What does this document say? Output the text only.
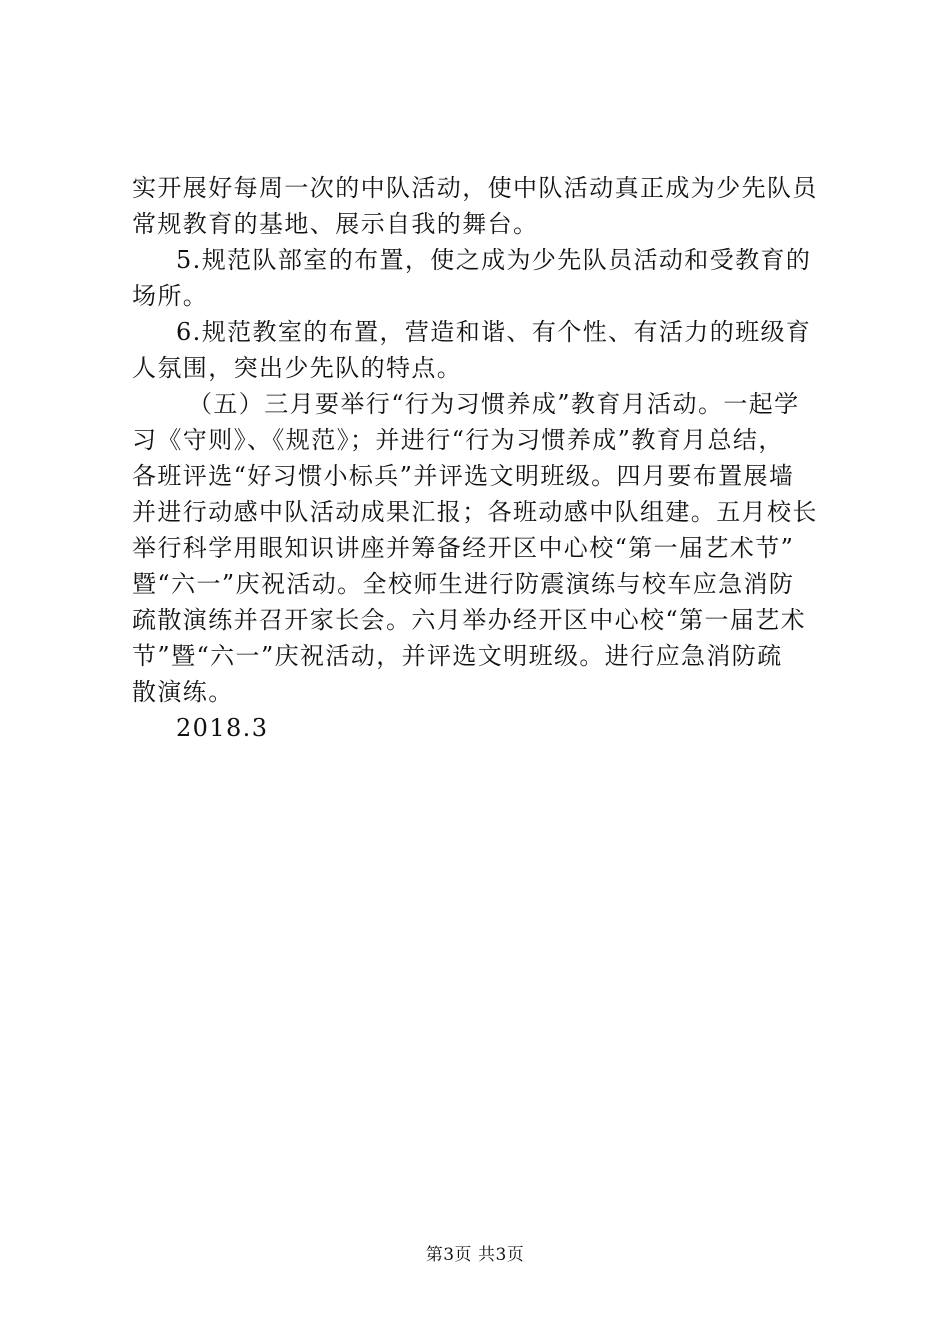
实开展好每周一次的中队活动，使中队活动真正成为少先队员
常规教育的基地、展示自我的舞台。
5.规范队部室的布置，使之成为少先队员活动和受教育的
场所。
6.规范教室的布置，营造和谐、有个性、有活力的班级育
人氛围，突出少先队的特点。
（五）三月要举行“行为习惯养成”教育月活动。一起学
习《守则》、《规范》；并进行“行为习惯养成”教育月总结，
各班评选“好习惯小标兵”并评选文明班级。四月要布置展墙
并进行动感中队活动成果汇报；各班动感中队组建。五月校长
举行科学用眼知识讲座并筹备经开区中心校“第一届艺术节”
暨“六一”庆祝活动。全校师生进行防震演练与校车应急消防
疏散演练并召开家长会。六月举办经开区中心校“第一届艺术
节”暨“六一”庆祝活动，并评选文明班级。进行应急消防疏
散演练。
2018.3
第3页 共3页
